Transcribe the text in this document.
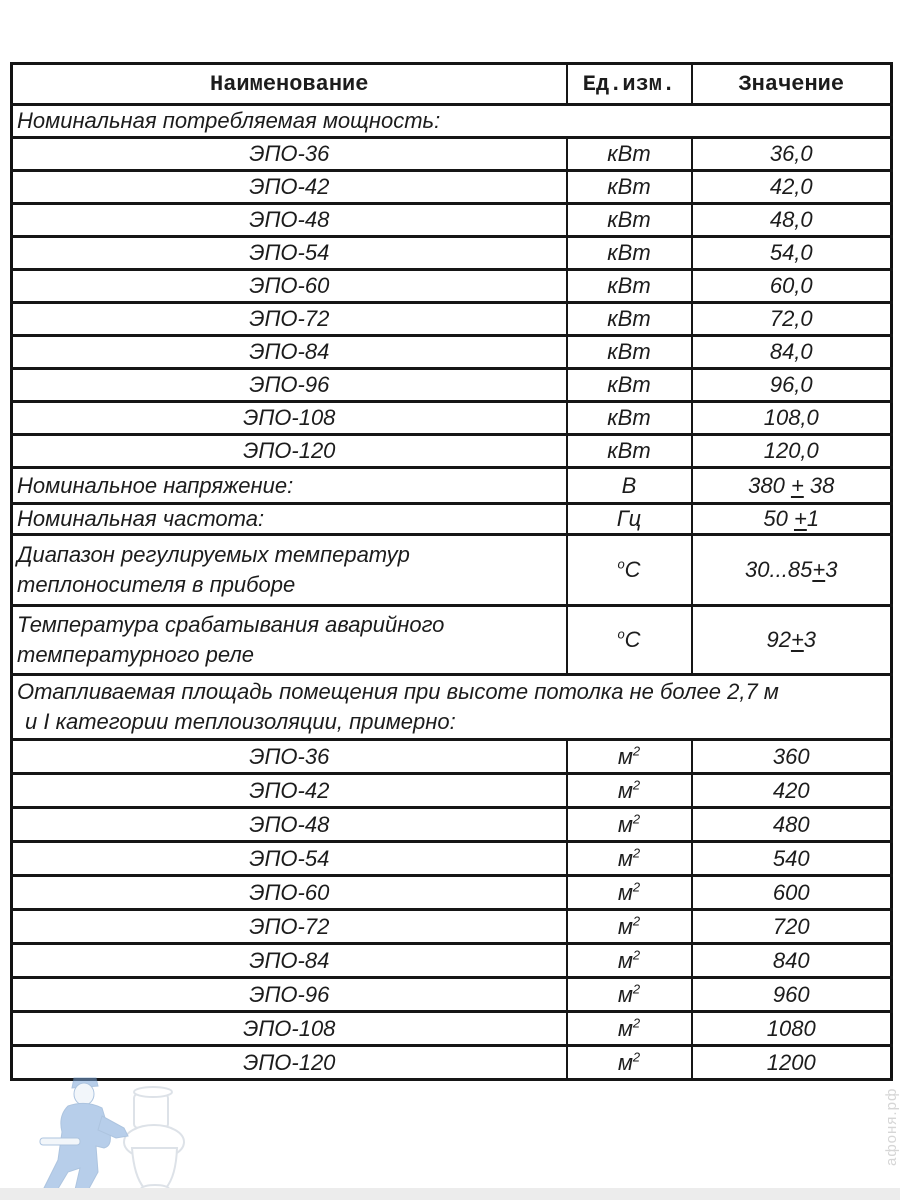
Наименование	Ед.изм.	Значение
Номинальная потребляемая мощность:		
ЭПО-36	кВт	36,0
ЭПО-42	кВт	42,0
ЭПО-48	кВт	48,0
ЭПО-54	кВт	54,0
ЭПО-60	кВт	60,0
ЭПО-72	кВт	72,0
ЭПО-84	кВт	84,0
ЭПО-96	кВт	96,0
ЭПО-108	кВт	108,0
ЭПО-120	кВт	120,0
Номинальное напряжение:	В	380 + 38
Номинальная частота:	Гц	50 +1

Диапазон регулируемых температур
теплоносителя в приборе	$^o$С	30...85+3

Температура срабатывания аварийного
температурного реле	$^o$С	92+3

Отапливаемая площадь помещения при высоте потолка не более 2,7 м
и I категории теплоизоляции, примерно:		

ЭПО-36	$м^2$	360
ЭПО-42	$м^2$	420
ЭПО-48	$м^2$	480
ЭПО-54	$м^2$	540
ЭПО-60	$м^2$	600
ЭПО-72	$м^2$	720
ЭПО-84	$м^2$	840
ЭПО-96	$м^2$	960
ЭПО-108	$м^2$	1080
ЭПО-120	$м^2$	1200
афоня.рф
